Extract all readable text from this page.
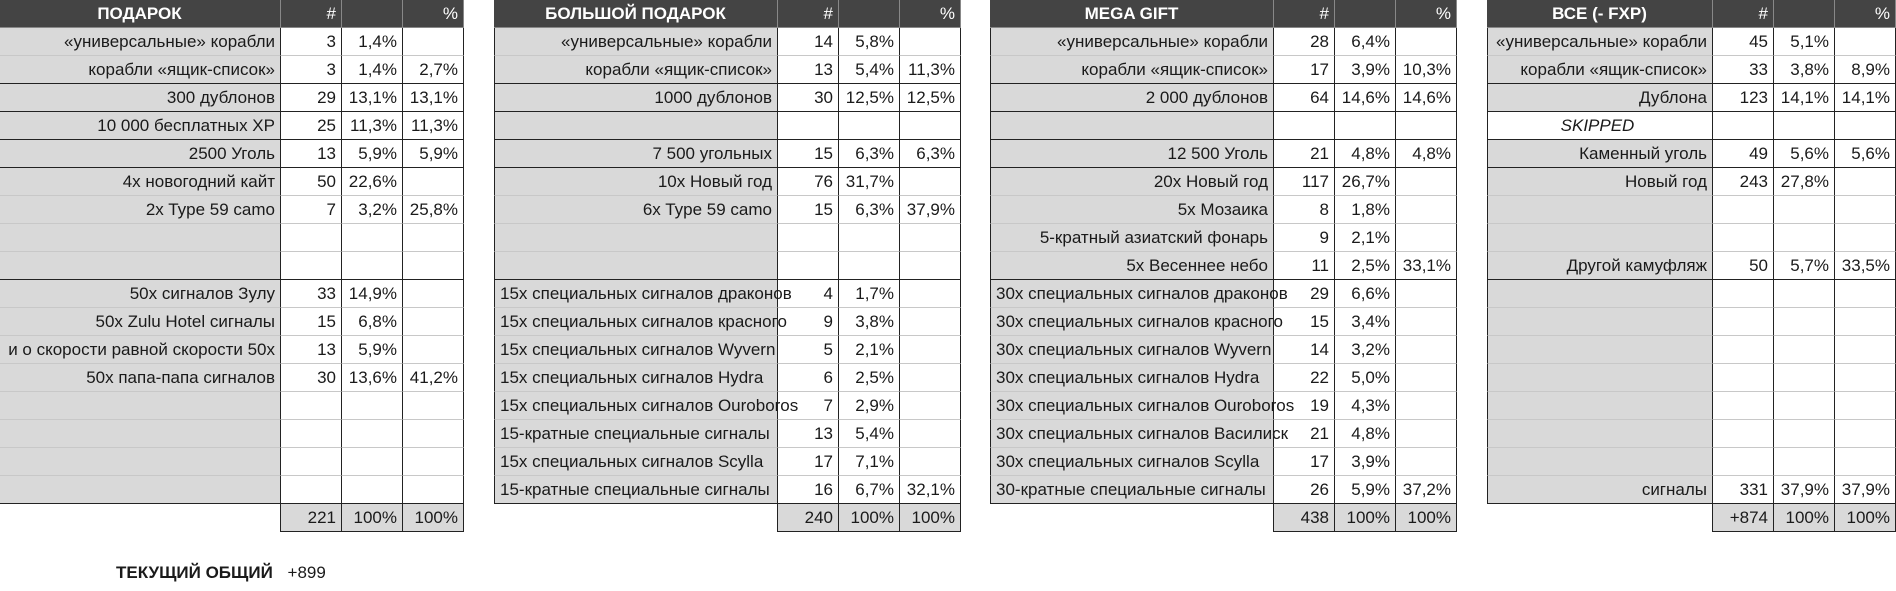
ПОДАРОК	#	%
«универсальные» корабли	3	1,4%
корабли «ящик-список»	3	1,4%	2,7%
300 дублонов	29 13,1% 13,1%
10 000 бесплатных XP	25 11,3% 11,3%
2500 Уголь	13	5,9%	5,9%
4x новогодний кайт	50 22,6%
2x Type 59 camo	7	3,2% 25,8%
50x сигналов Зулу	33 14,9%
50x Zulu Hotel сигналы	15	6,8%
и о скорости равной скорости 50x	13	5,9%
50x папа-папа сигналов	30 13,6% 41,2%
221	100%	100%
БОЛЬШОЙ ПОДАРОК	#	%
«универсальные» корабли	14	5,8%
корабли «ящик-список»	13	5,4% 11,3%
1000 дублонов	30 12,5% 12,5%
7 500 угольных	15	6,3%	6,3%
10x Новый год	76 31,7%
6x Type 59 camo	15	6,3% 37,9%
15x специальных сигналов драконов	4	1,7%
15x специальных сигналов красного	9	3,8%
15x специальных сигналов Wyvern	5	2,1%
15x специальных сигналов Hydra	6	2,5%
15x специальных сигналов Ouroboros	7	2,9%
15-кратные специальные сигналы	13	5,4%
15x специальных сигналов Scylla	17	7,1%
15-кратные специальные сигналы	16	6,7% 32,1%
240	100%	100%
MEGA GIFT	#	%
«универсальные» корабли	28	6,4%
корабли «ящик-список»	17	3,9% 10,3%
2 000 дублонов	64 14,6% 14,6%
12 500 Уголь	21	4,8%	4,8%
20x Новый год	117 26,7%
5x Мозаика	8	1,8%
5-кратный азиатский фонарь	9	2,1%
5x Весеннее небо	11	2,5% 33,1%
30x специальных сигналов драконов	29	6,6%
30x специальных сигналов красного	15	3,4%
30x специальных сигналов Wyvern	14	3,2%
30x специальных сигналов Hydra	22	5,0%
30x специальных сигналов Ouroboros 19	4,3%
30x специальных сигналов Василиск	21	4,8%
30x специальных сигналов Scylla	17	3,9%
30-кратные специальные сигналы	26	5,9% 37,2%
438	100%	100%
ВСЕ (- FXP)	#	%
«универсальные» корабли	45	5,1%
корабли «ящик-список»	33	3,8%	8,9%
Дублона	123 14,1% 14,1%
SKIPPED
Каменный уголь	49	5,6%	5,6%
Новый год	243 27,8%
Другой камуфляж	50	5,7% 33,5%
сигналы	331 37,9% 37,9%
+874	100%	100%
ТЕКУЩИЙ ОБЩИЙ +899
